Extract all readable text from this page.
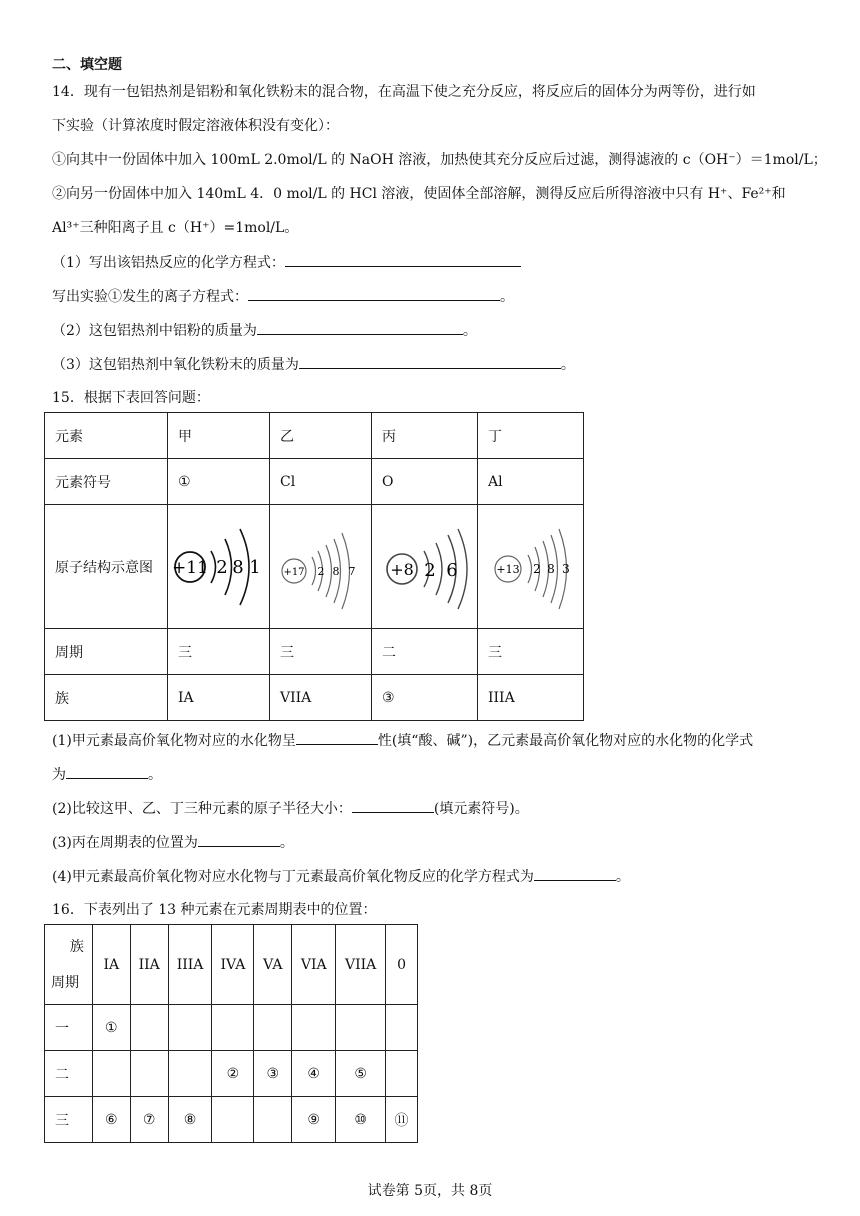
二、填空题
14．现有一包铝热剂是铝粉和氧化铁粉末的混合物，在高温下使之充分反应，将反应后的固体分为两等份，进行如
下实验（计算浓度时假定溶液体积没有变化）：
①向其中一份固体中加入 100mL 2.0mol/L 的 NaOH 溶液，加热使其充分反应后过滤，测得滤液的 c（OH⁻）＝1mol/L；
②向另一份固体中加入 140mL 4．0 mol/L 的 HCl 溶液，使固体全部溶解，测得反应后所得溶液中只有 H⁺、Fe²⁺和
Al³⁺三种阳离子且 c（H⁺）=1mol/L。
（1）写出该铝热反应的化学方程式：
写出实验①发生的离子方程式：	。
（2）这包铝热剂中铝粉的质量为	。
（3）这包铝热剂中氧化铁粉末的质量为	。
15．根据下表回答问题：
元素	甲	乙	丙	丁
元素符号	①	Cl	O	Al
原子结构示意图	+11 2 8 1	+17 2 8 7	+8 2 6	+13 2 8 3

周期	三	三	二	三
族	IA	VIIA	③	IIIA
(1)甲元素最高价氧化物对应的水化物呈	性(填“酸、碱”)，乙元素最高价氧化物对应的水化物的化学式
为	。
(2)比较这甲、乙、丁三种元素的原子半径大小：	(填元素符号)。
(3)丙在周期表的位置为	。
(4)甲元素最高价氧化物对应水化物与丁元素最高价氧化物反应的化学方程式为	。
16．下表列出了 13 种元素在元素周期表中的位置：
族
周期	IA	IIA	IIIA	IVA	VA	VIA	VIIA	0
一	①							
二				②	③	④	⑤	
三	⑥	⑦	⑧			⑨	⑩	⑪
试卷第 5页，共 8页
